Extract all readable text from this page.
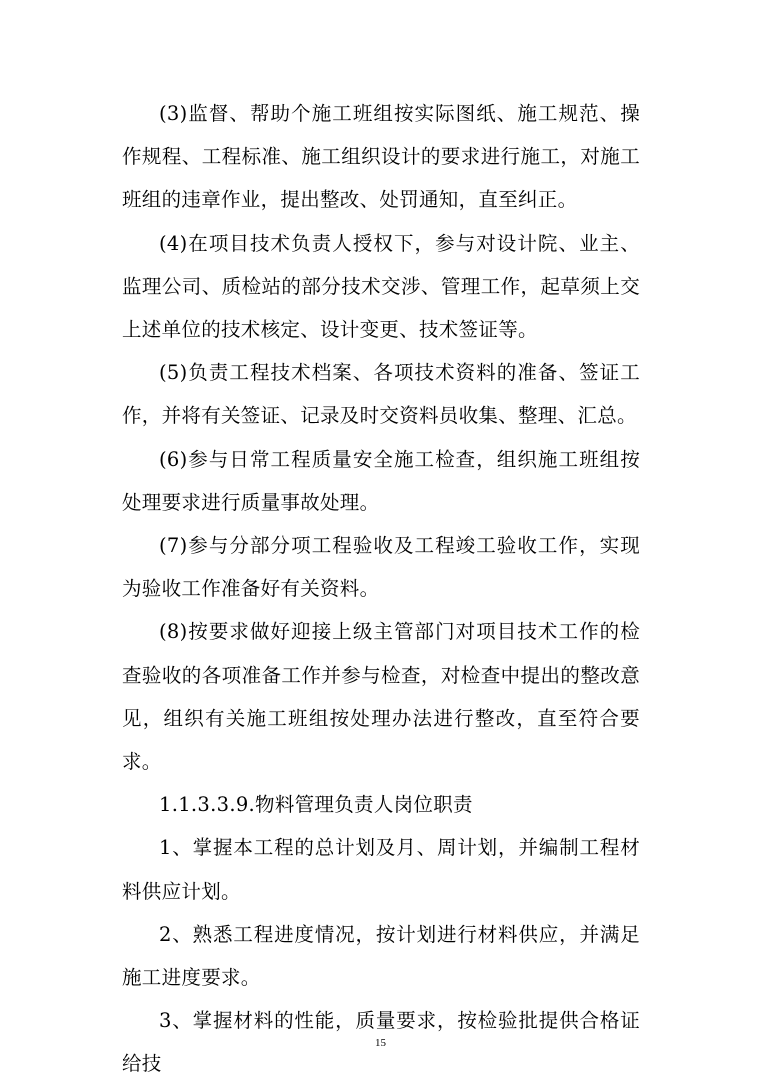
(3)监督、帮助个施工班组按实际图纸、施工规范、操作规程、工程标准、施工组织设计的要求进行施工，对施工班组的违章作业，提出整改、处罚通知，直至纠正。

(4)在项目技术负责人授权下，参与对设计院、业主、监理公司、质检站的部分技术交涉、管理工作，起草须上交上述单位的技术核定、设计变更、技术签证等。

(5)负责工程技术档案、各项技术资料的准备、签证工作，并将有关签证、记录及时交资料员收集、整理、汇总。

(6)参与日常工程质量安全施工检查，组织施工班组按处理要求进行质量事故处理。

(7)参与分部分项工程验收及工程竣工验收工作，实现为验收工作准备好有关资料。

(8)按要求做好迎接上级主管部门对项目技术工作的检查验收的各项准备工作并参与检查，对检查中提出的整改意见，组织有关施工班组按处理办法进行整改，直至符合要求。

1.1.3.3.9.物料管理负责人岗位职责

1、掌握本工程的总计划及月、周计划，并编制工程材料供应计划。

2、熟悉工程进度情况，按计划进行材料供应，并满足施工进度要求。

3、掌握材料的性能，质量要求，按检验批提供合格证给技

15
